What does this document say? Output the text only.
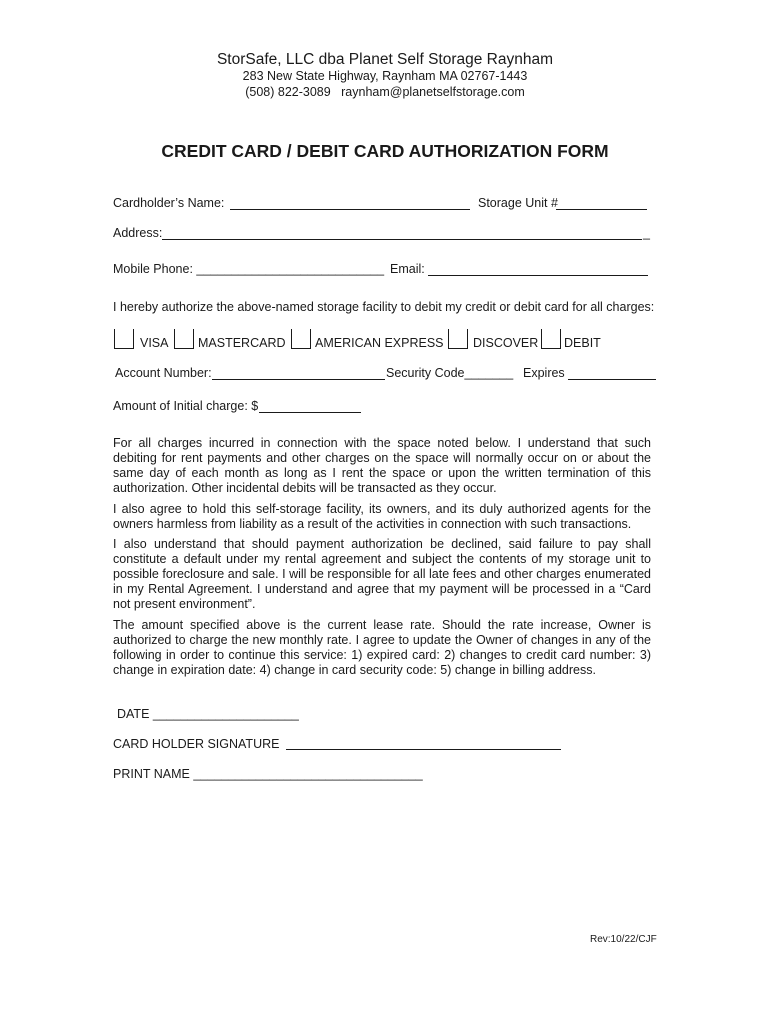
StorSafe, LLC dba Planet Self Storage Raynham
283 New State Highway, Raynham MA 02767-1443
(508) 822-3089 raynham@planetselfstorage.com
CREDIT CARD / DEBIT CARD AUTHORIZATION FORM
Cardholder’s Name:	Storage Unit #
Address:	_
Mobile Phone: ___________________________ Email:
I hereby authorize the above-named storage facility to debit my credit or debit card for all charges:
VISA MASTERCARD AMERICAN EXPRESS DISCOVER DEBIT
Account Number:	Security Code_______ Expires
Amount of Initial charge: $
For all charges incurred in connection with the space noted below. I understand that such debiting for rent payments and other charges on the space will normally occur on or about the same day of each month as long as I rent the space or upon the written termination of this authorization. Other incidental debits will be transacted as they occur.
I also agree to hold this self-storage facility, its owners, and its duly authorized agents for the owners harmless from liability as a result of the activities in connection with such transactions.
I also understand that should payment authorization be declined, said failure to pay shall constitute a default under my rental agreement and subject the contents of my storage unit to possible foreclosure and sale. I will be responsible for all late fees and other charges enumerated in my Rental Agreement. I understand and agree that my payment will be processed in a “Card not present environment”.
The amount specified above is the current lease rate. Should the rate increase, Owner is authorized to charge the new monthly rate. I agree to update the Owner of changes in any of the following in order to continue this service: 1) expired card: 2) changes to credit card number: 3) change in expiration date: 4) change in card security code: 5) change in billing address.
DATE _____________________
CARD HOLDER SIGNATURE
PRINT NAME _________________________________
Rev:10/22/CJF
